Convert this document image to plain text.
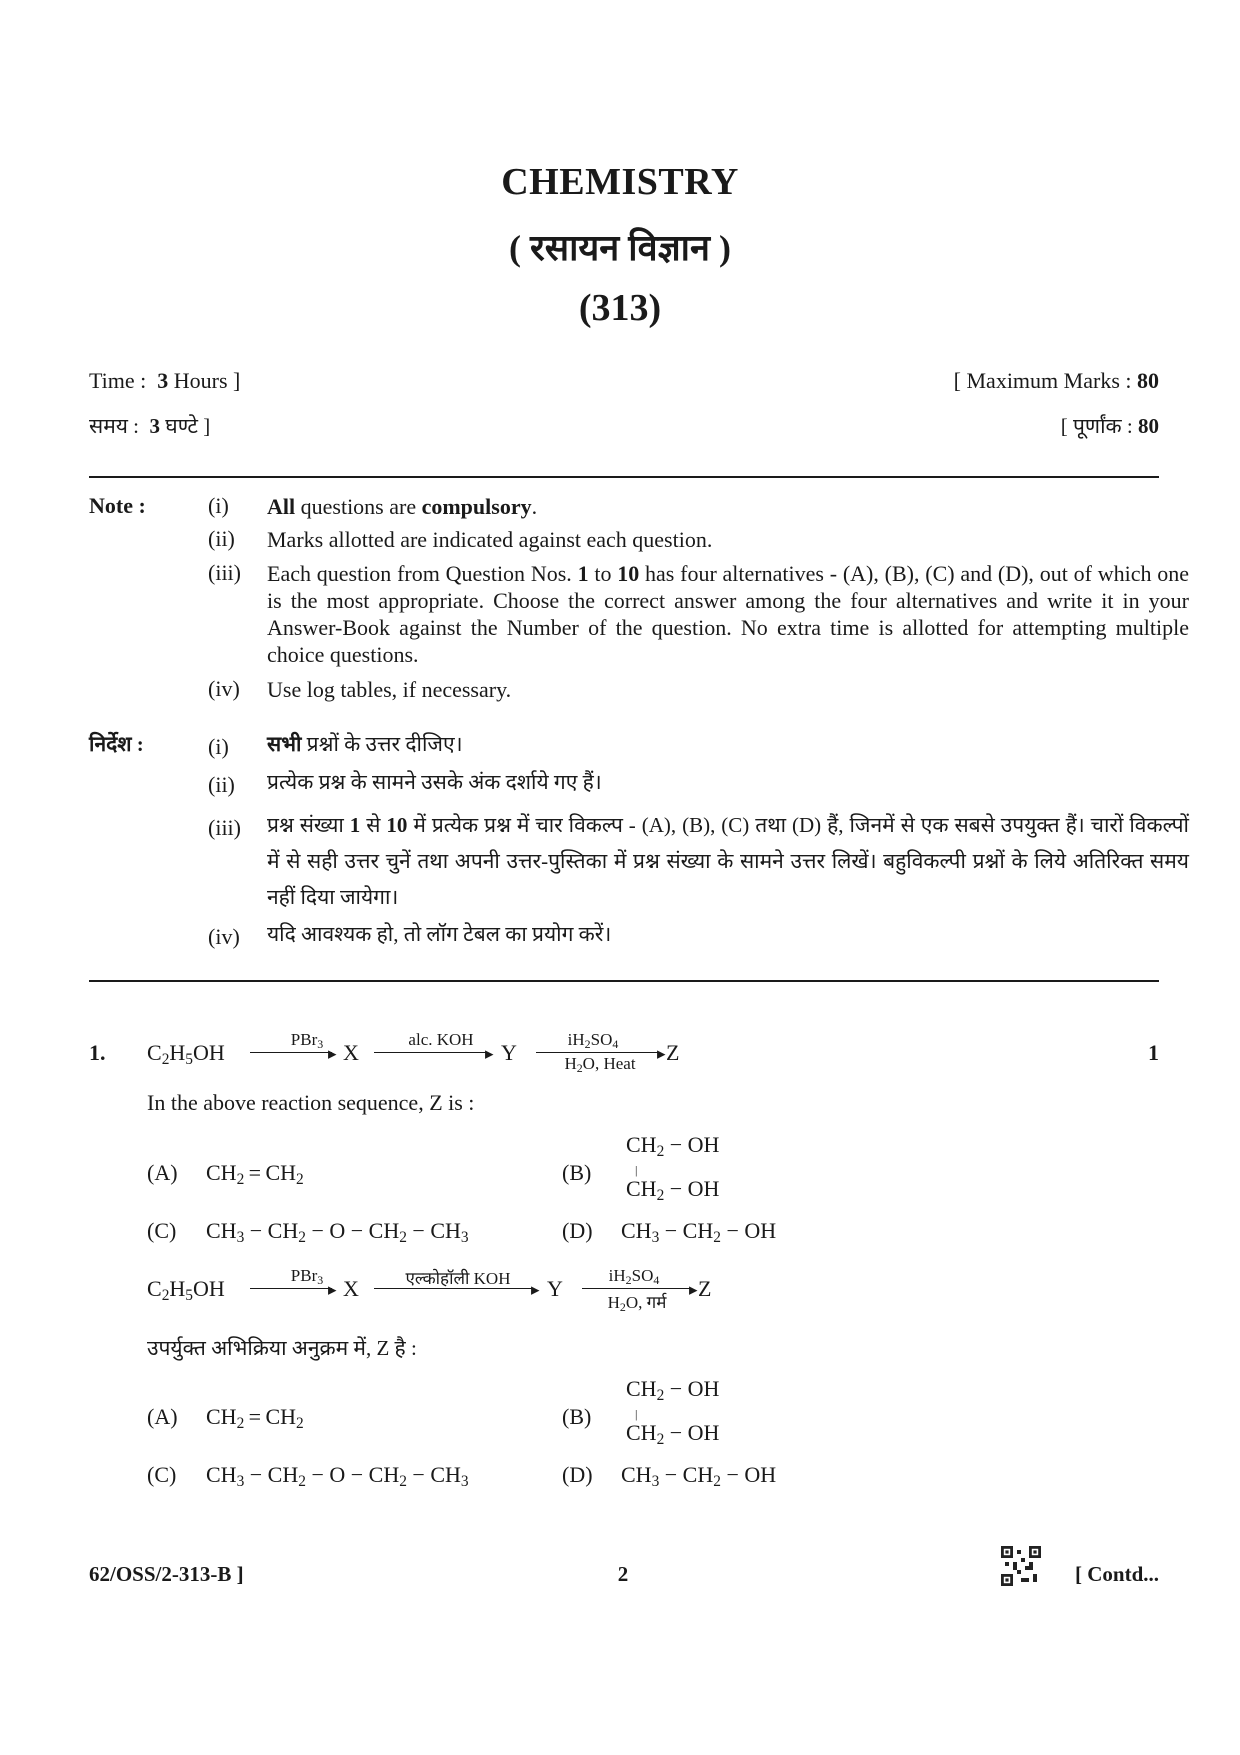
CHEMISTRY
( रसायन विज्ञान )
(313)
Time : 3 Hours ]	[ Maximum Marks : 80
समय : 3 घण्टे ]	[ पूर्णांक : 80
Note :	(i) All questions are compulsory.
(ii) Marks allotted are indicated against each question.
(iii) Each question from Question Nos. 1 to 10 has four alternatives - (A), (B), (C) and (D), out of which one is the most appropriate. Choose the correct answer among the four alternatives and write it in your Answer-Book against the Number of the question. No extra time is allotted for attempting multiple choice questions.
(iv) Use log tables, if necessary.
निर्देश :	(i) सभी प्रश्नों के उत्तर दीजिए।
(ii) प्रत्येक प्रश्न के सामने उसके अंक दर्शाये गए हैं।
(iii) प्रश्न संख्या 1 से 10 में प्रत्येक प्रश्न में चार विकल्प - (A), (B), (C) तथा (D) हैं, जिनमें से एक सबसे उपयुक्त हैं। चारों विकल्पों में से सही उत्तर चुनें तथा अपनी उत्तर-पुस्तिका में प्रश्न संख्या के सामने उत्तर लिखें। बहुविकल्पी प्रश्नों के लिये अतिरिक्त समय नहीं दिया जायेगा।
(iv) यदि आवश्यक हो, तो लॉग टेबल का प्रयोग करें।
1.	1
$C_2H_5OH$
PBr$_3$
▸ X
alc. KOH
▸ Y
$iH_2SO_4$
▸
$H_2O$, Heat	Z
In the above reaction sequence, Z is :
(A) $CH_2 = CH_2$	(B)
$CH_2$ − OH
|
$CH_2$ − OH
(C) $CH_3 - CH_2 - O - CH_2 - CH_3$	(D) $CH_3 - CH_2$ − OH
$C_2H_5OH$
PBr$_3$
▸ X	एल्कोहॉली KOH
▸ Y
$iH_2SO_4$
▸
$H_2O$, गर्म
Z
उपर्युक्त अभिक्रिया अनुक्रम में, Z है :
(A) $CH_2 = CH_2$	(B)
$CH_2$ − OH
|
$CH_2$ − OH
(C) $CH_3 - CH_2 - O - CH_2 - CH_3$	(D) $CH_3 - CH_2$ − OH
62/OSS/2-313-B ]	2	[ Contd...
